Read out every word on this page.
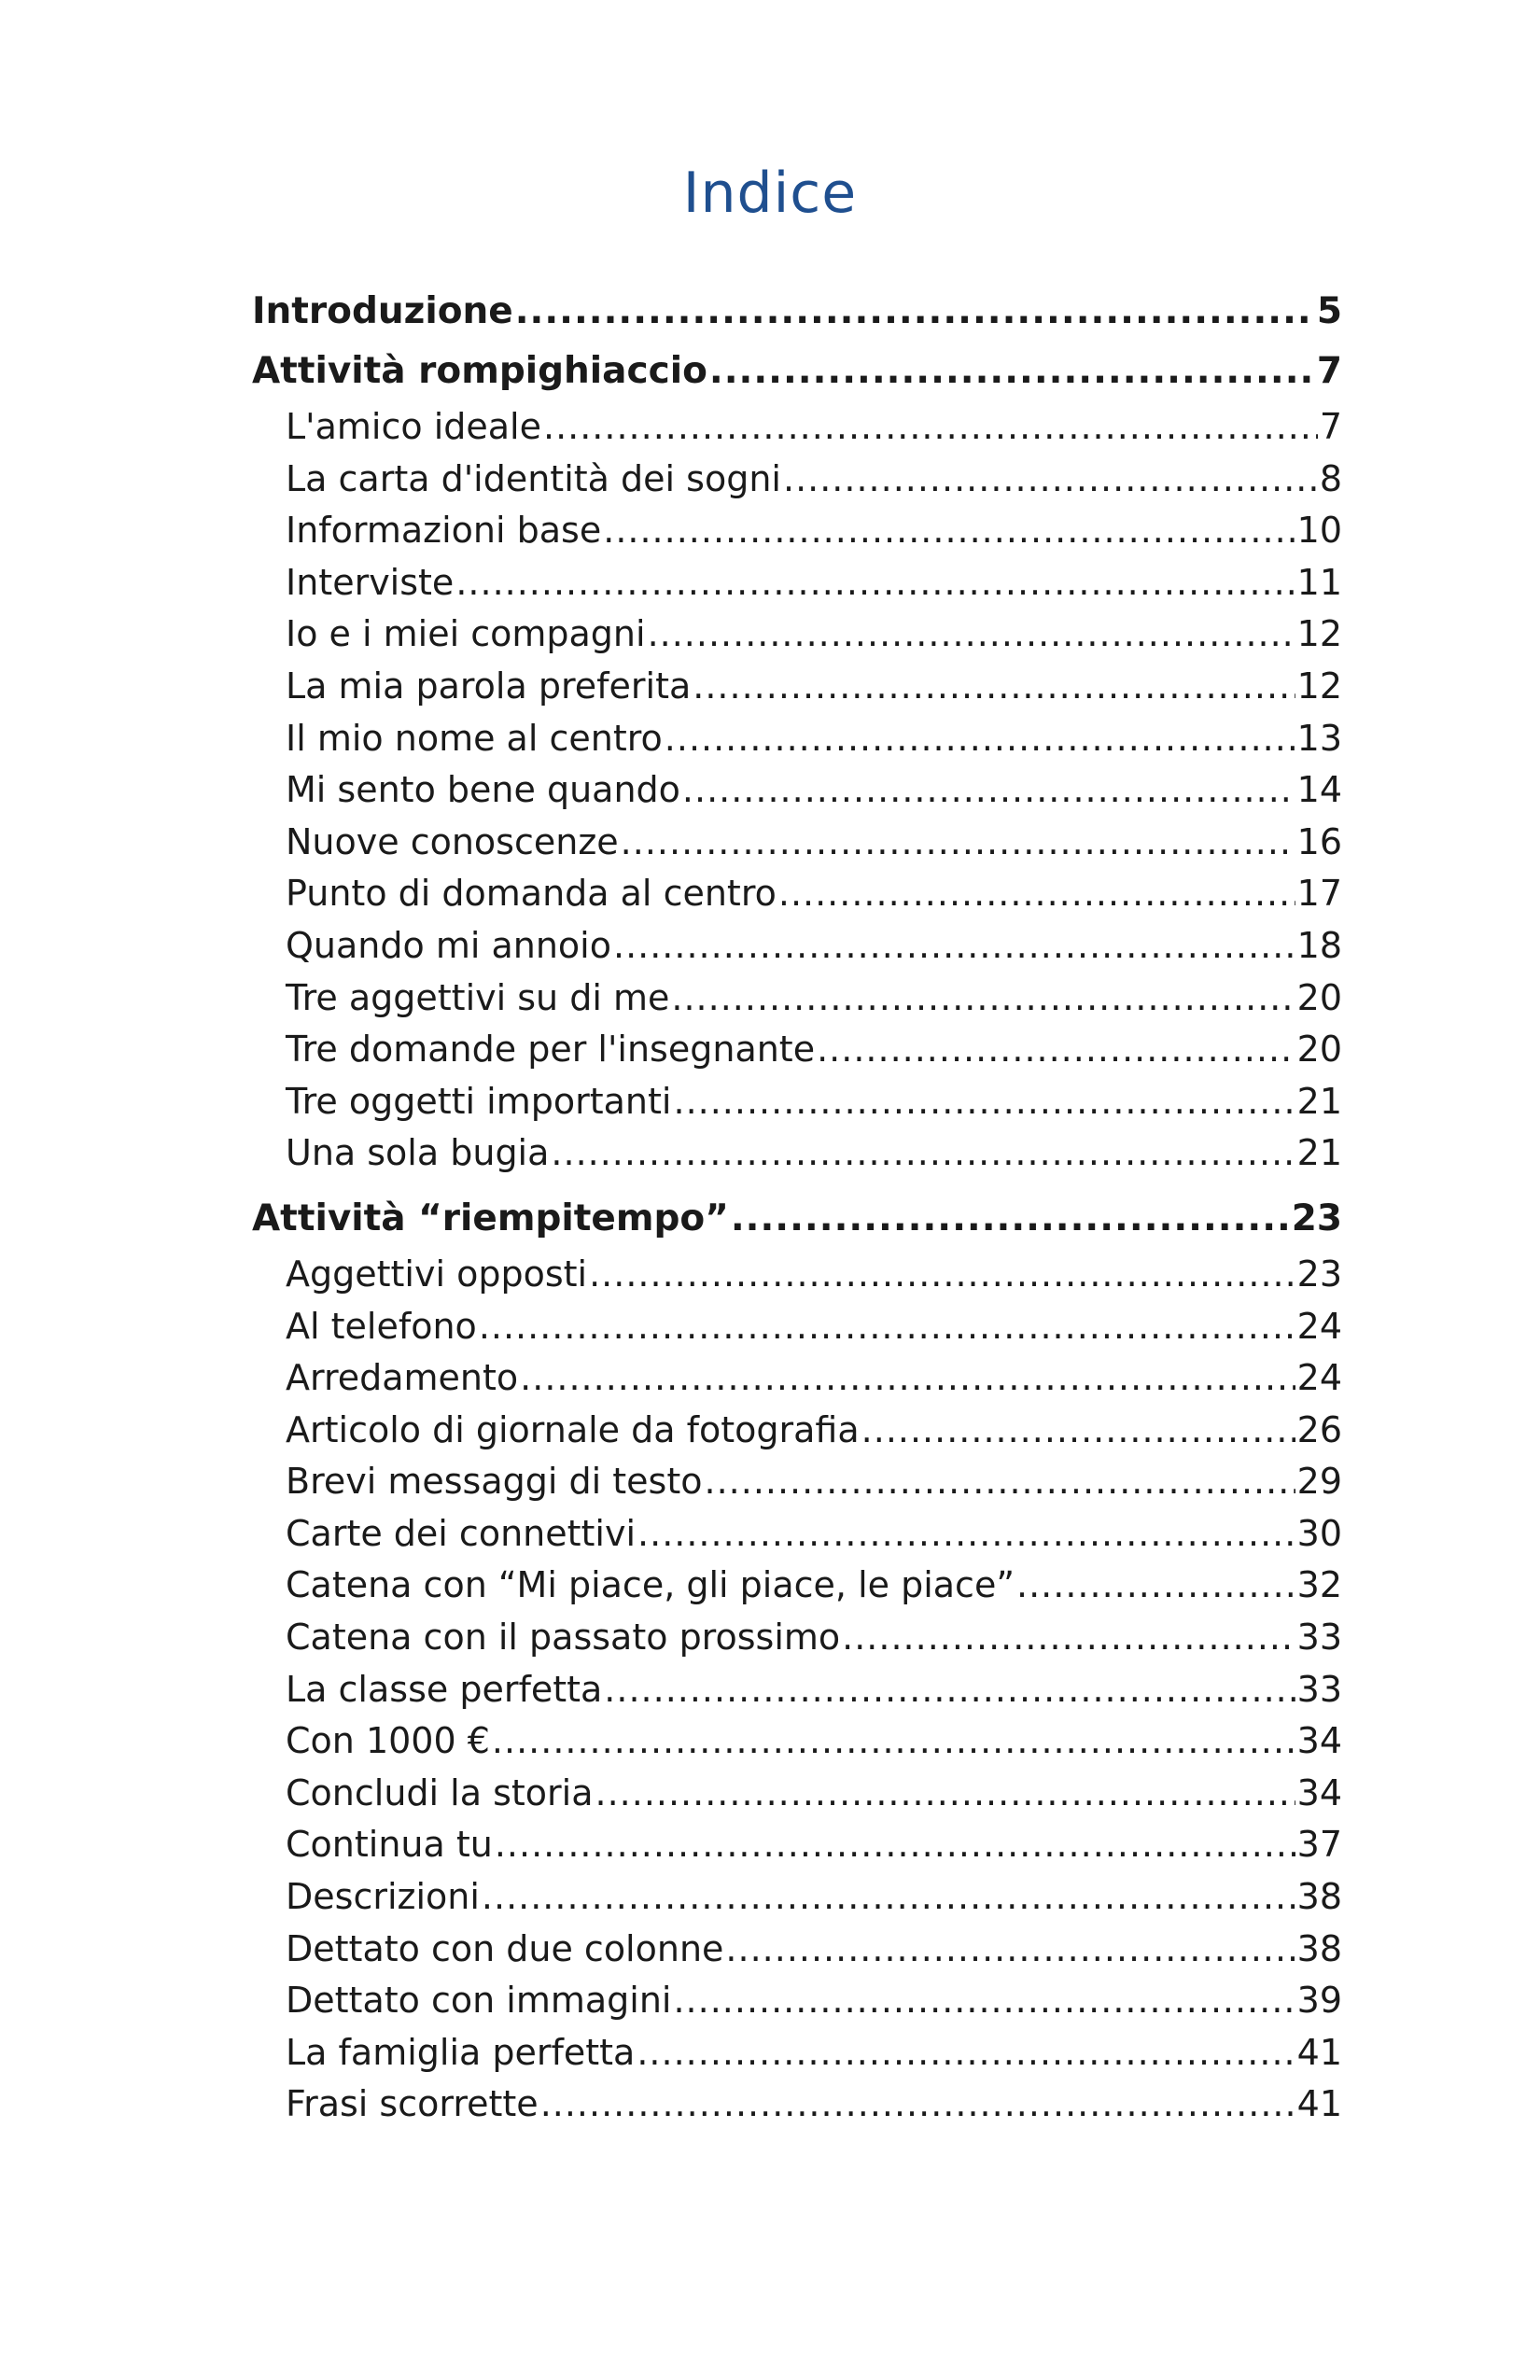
Indice
Introduzione .....	5
Attività rompighiaccio .....	7
L'amico ideale .....	7
La carta d'identità dei sogni .....	8
Informazioni base .....	10
Interviste .....	11
Io e i miei compagni .....	12
La mia parola preferita .....	12
Il mio nome al centro .....	13
Mi sento bene quando .....	14
Nuove conoscenze .....	16
Punto di domanda al centro .....	17
Quando mi annoio .....	18
Tre aggettivi su di me .....	20
Tre domande per l'insegnante .....	20
Tre oggetti importanti .....	21
Una sola bugia .....	21
Attività “riempitempo” .....	23
Aggettivi opposti .....	23
Al telefono .....	24
Arredamento .....	24
Articolo di giornale da fotografia .....	26
Brevi messaggi di testo .....	29
Carte dei connettivi .....	30
Catena con “Mi piace, gli piace, le piace” .....	32
Catena con il passato prossimo .....	33
La classe perfetta .....	33
Con 1000 € .....	34
Concludi la storia .....	34
Continua tu .....	37
Descrizioni .....	38
Dettato con due colonne .....	38
Dettato con immagini .....	39
La famiglia perfetta .....	41
Frasi scorrette .....	41
